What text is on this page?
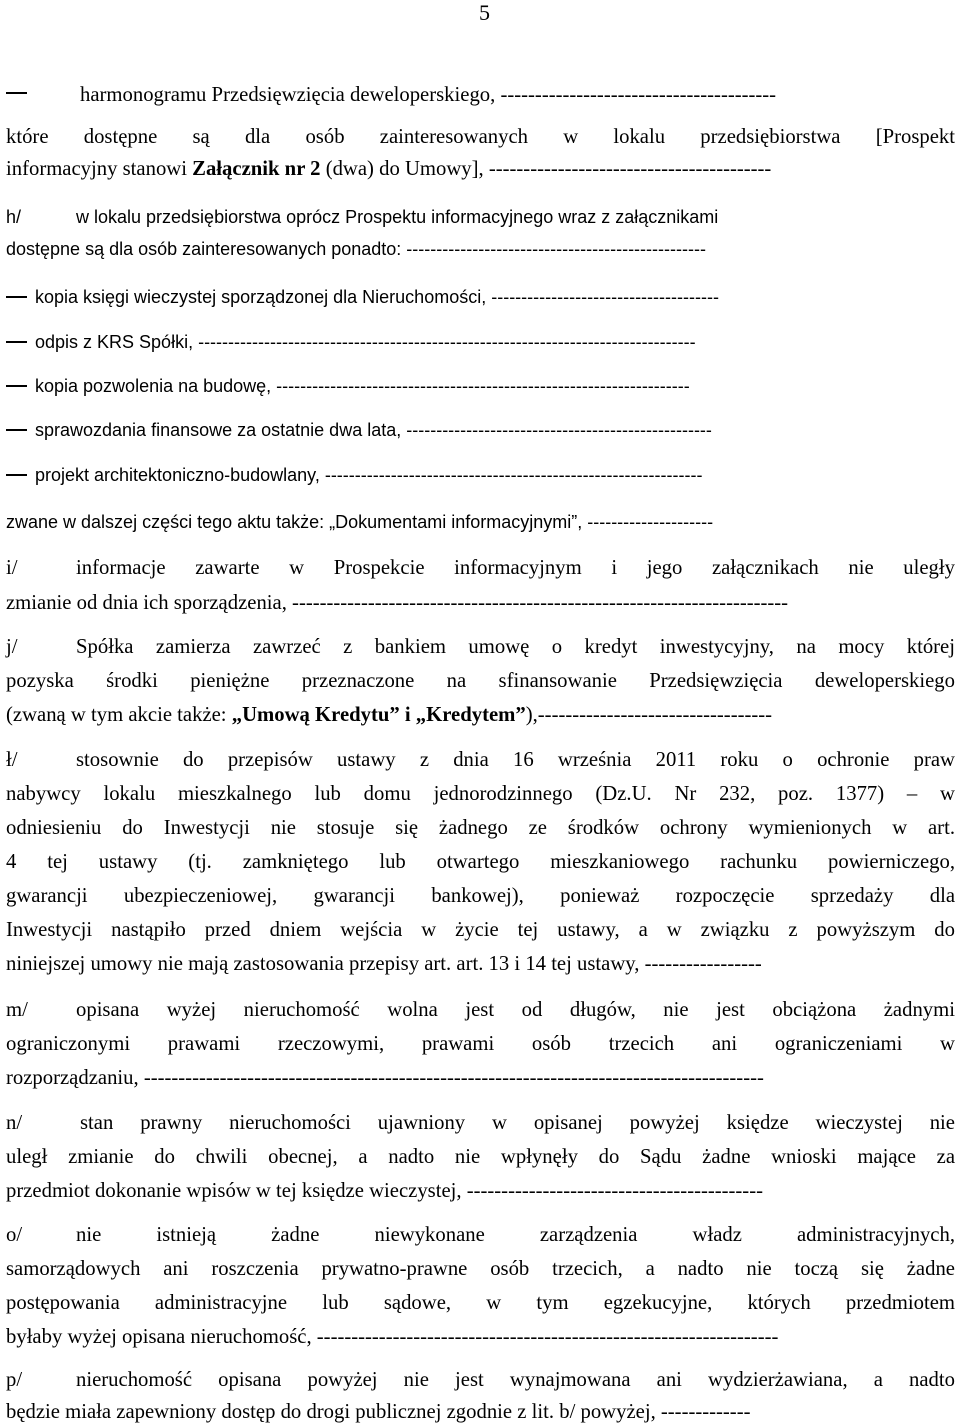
5
harmonogramu Przedsięwzięcia deweloperskiego, ----------------------------------------
które dostępne są dla osób zainteresowanych w lokalu przedsiębiorstwa [Prospekt
informacyjny stanowi Załącznik nr 2 (dwa) do Umowy], -----------------------------------------
h/	w lokalu przedsiębiorstwa oprócz Prospektu informacyjnego wraz z załącznikami
dostępne są dla osób zainteresowanych ponadto: --------------------------------------------------
kopia księgi wieczystej sporządzonej dla Nieruchomości, --------------------------------------
odpis z KRS Spółki, -----------------------------------------------------------------------------------
kopia pozwolenia na budowę, ---------------------------------------------------------------------
sprawozdania finansowe za ostatnie dwa lata, ---------------------------------------------------
projekt architektoniczno-budowlany, ---------------------------------------------------------------
zwane w dalszej części tego aktu także: „Dokumentami informacyjnymi”, ---------------------
i/	informacje zawarte w Prospekcie informacyjnym i jego załącznikach nie uległy
zmianie od dnia ich sporządzenia, ------------------------------------------------------------------------
j/	Spółka zamierza zawrzeć z bankiem umowę o kredyt inwestycyjny, na mocy której
pozyska środki pieniężne przeznaczone na sfinansowanie Przedsięwzięcia deweloperskiego
(zwaną w tym akcie także: „Umową Kredytu” i „Kredytem”),----------------------------------
ł/	stosownie do przepisów ustawy z dnia 16 września 2011 roku o ochronie praw
nabywcy lokalu mieszkalnego lub domu jednorodzinnego (Dz.U. Nr 232, poz. 1377) – w
odniesieniu do Inwestycji nie stosuje się żadnego ze środków ochrony wymienionych w art.
4 tej ustawy (tj. zamkniętego lub otwartego mieszkaniowego rachunku powierniczego,
gwarancji ubezpieczeniowej, gwarancji bankowej), ponieważ rozpoczęcie sprzedaży dla
Inwestycji nastąpiło przed dniem wejścia w życie tej ustawy, a w związku z powyższym do
niniejszej umowy nie mają zastosowania przepisy art. art. 13 i 14 tej ustawy, -----------------
m/ opisana wyżej nieruchomość wolna jest od długów, nie jest obciążona żadnymi
ograniczonymi prawami rzeczowymi, prawami osób trzecich ani ograniczeniami w
rozporządzaniu, ------------------------------------------------------------------------------------------
n/	stan prawny nieruchomości ujawniony w opisanej powyżej księdze wieczystej nie
uległ zmianie do chwili obecnej, a nadto nie wpłynęły do Sądu żadne wnioski mające za
przedmiot dokonanie wpisów w tej księdze wieczystej, -------------------------------------------
o/	nie istnieją żadne niewykonane zarządzenia władz administracyjnych,
samorządowych ani roszczenia prywatno-prawne osób trzecich, a nadto nie toczą się żadne
postępowania administracyjne lub sądowe, w tym egzekucyjne, których przedmiotem
byłaby wyżej opisana nieruchomość, -------------------------------------------------------------------
p/	nieruchomość opisana powyżej nie jest wynajmowana ani wydzierżawiana, a nadto
będzie miała zapewniony dostęp do drogi publicznej zgodnie z lit. b/ powyżej, -------------
